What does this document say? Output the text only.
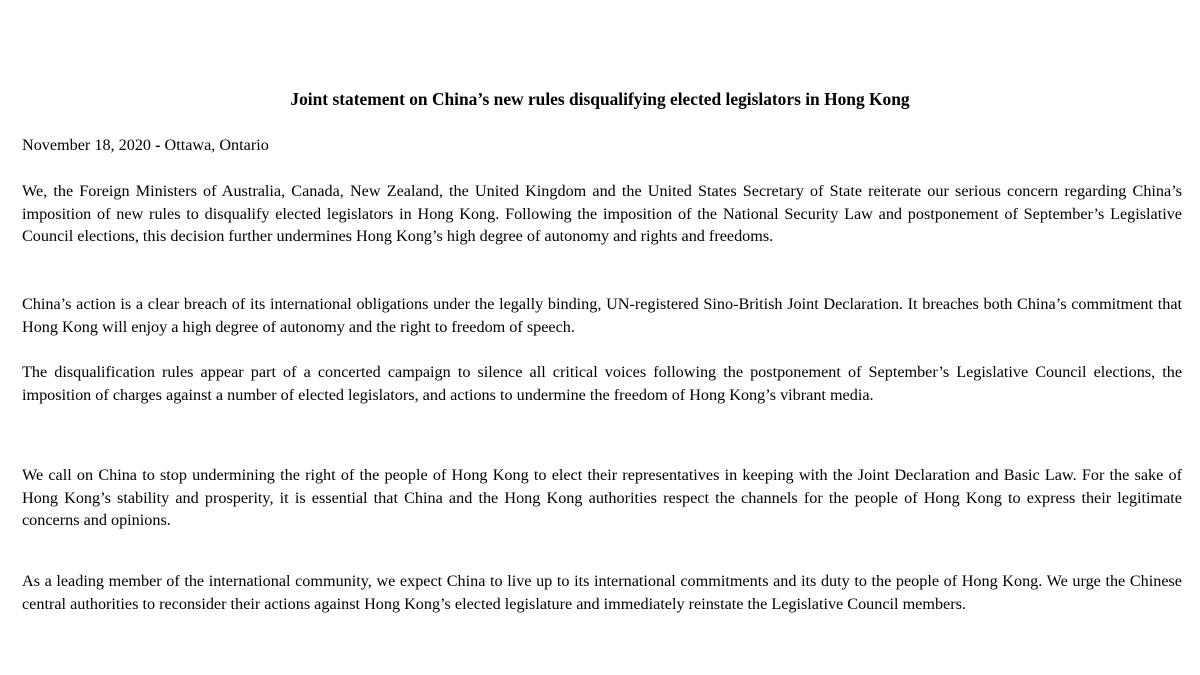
Joint statement on China’s new rules disqualifying elected legislators in Hong Kong
November 18, 2020 - Ottawa, Ontario

We, the Foreign Ministers of Australia, Canada, New Zealand, the United Kingdom and the United States Secretary of State reiterate our serious concern regarding China’s imposition of new rules to disqualify elected legislators in Hong Kong. Following the imposition of the National Security Law and postponement of September’s Legislative Council elections, this decision further undermines Hong Kong’s high degree of autonomy and rights and freedoms.

China’s action is a clear breach of its international obligations under the legally binding, UN-registered Sino-British Joint Declaration. It breaches both China’s commitment that Hong Kong will enjoy a high degree of autonomy and the right to freedom of speech.

The disqualification rules appear part of a concerted campaign to silence all critical voices following the postponement of September’s Legislative Council elections, the imposition of charges against a number of elected legislators, and actions to undermine the freedom of Hong Kong’s vibrant media.

We call on China to stop undermining the right of the people of Hong Kong to elect their representatives in keeping with the Joint Declaration and Basic Law. For the sake of Hong Kong’s stability and prosperity, it is essential that China and the Hong Kong authorities respect the channels for the people of Hong Kong to express their legitimate concerns and opinions.

As a leading member of the international community, we expect China to live up to its international commitments and its duty to the people of Hong Kong. We urge the Chinese central authorities to reconsider their actions against Hong Kong’s elected legislature and immediately reinstate the Legislative Council members.
